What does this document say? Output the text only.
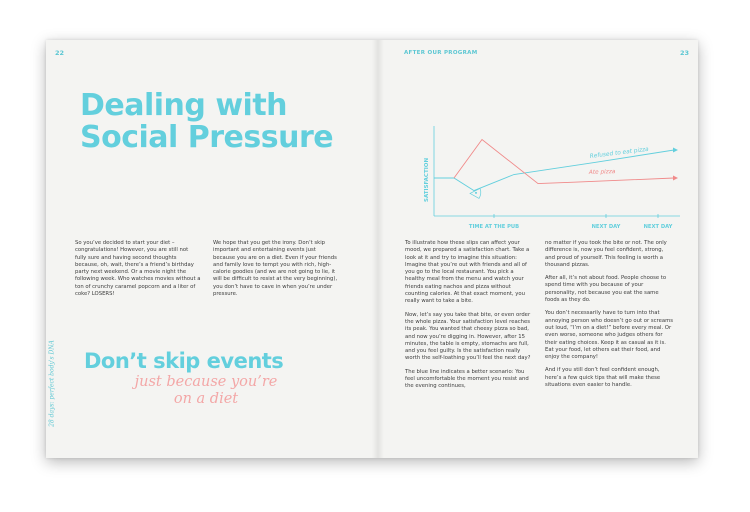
22	23
AFTER OUR PROGRAM
28 days: perfect body's DNA
Dealing with
Social Pressure

So you’ve decided to start your diet – congratulations! However, you are still not fully sure and having second thoughts because, oh, wait, there’s a friend’s birthday party next weekend. Or a movie night the following week. Who watches movies without a ton of crunchy caramel popcorn and a liter of coke? LOSERS!

We hope that you get the irony. Don’t skip important and entertaining events just because you are on a diet. Even if your friends and family love to tempt you with rich, high-calorie goodies (and we are not going to lie, it will be difficult to resist at the very beginning), you don’t have to cave in when you’re under pressure.

Don’t skip events
just because you’re
on a diet
SATISFACTION
Refused to eat pizza
Ate pizza
TIME AT THE PUB	NEXT DAY	NEXT DAY

To illustrate how these slips can affect your mood, we prepared a satisfaction chart. Take a look at it and try to imagine this situation: Imagine that you’re out with friends and all of you go to the local restaurant. You pick a healthy meal from the menu and watch your friends eating nachos and pizza without counting calories. At that exact moment, you really want to take a bite.

Now, let’s say you take that bite, or even order the whole pizza. Your satisfaction level reaches its peak. You wanted that cheesy pizza so bad, and now you’re digging in. However, after 15 minutes, the table is empty, stomachs are full, and you feel guilty. Is the satisfaction really worth the self-loathing you’ll feel the next day?

The blue line indicates a better scenario: You feel uncomfortable the moment you resist and the evening continues,

no matter if you took the bite or not. The only difference is, now you feel confident, strong, and proud of yourself. This feeling is worth a thousand pizzas.

After all, it’s not about food. People choose to spend time with you because of your personality, not because you eat the same foods as they do.

You don’t necessarily have to turn into that annoying person who doesn’t go out or screams out loud, “I’m on a diet!” before every meal. Or even worse, someone who judges others for their eating choices. Keep it as casual as it is. Eat your food, let others eat their food, and enjoy the company!

And if you still don’t feel confident enough, here’s a few quick tips that will make these situations even easier to handle.
